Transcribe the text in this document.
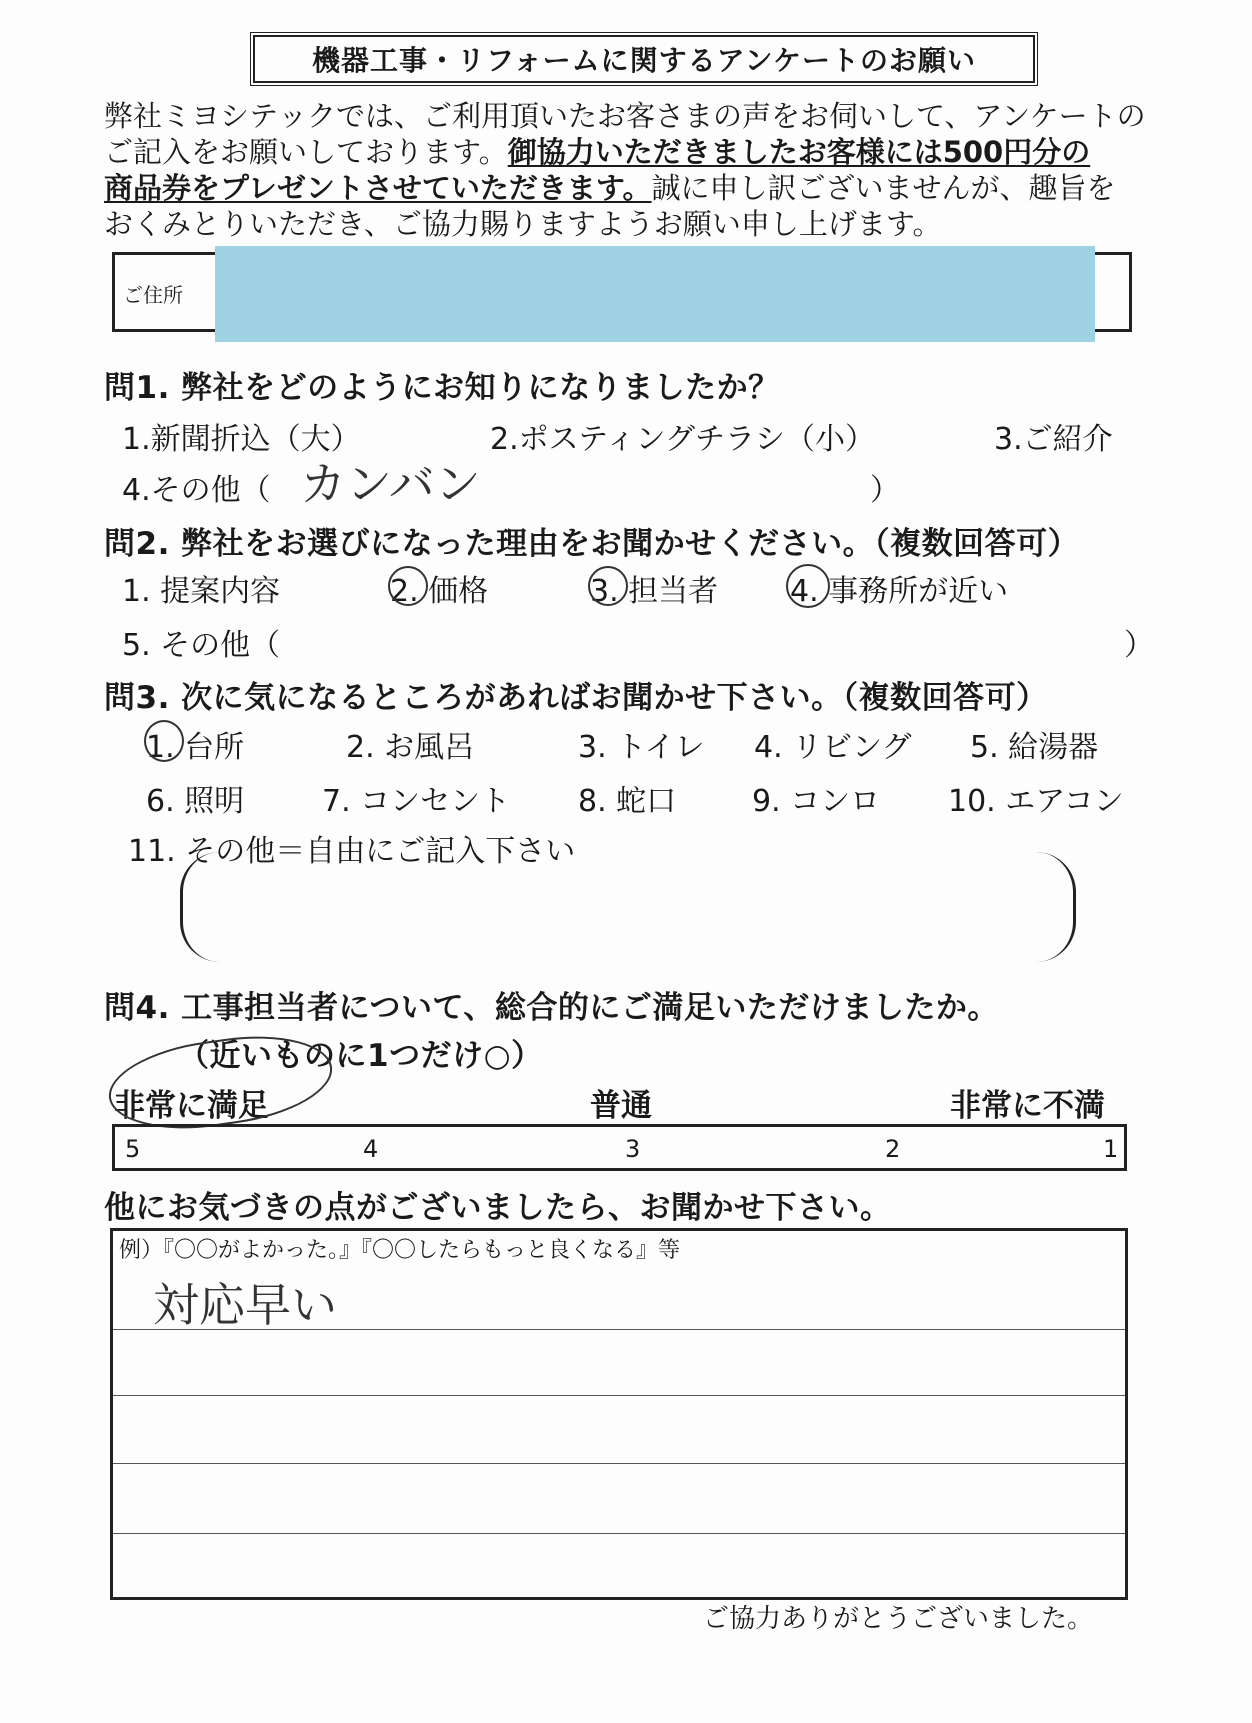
機器工事・リフォームに関するアンケートのお願い
弊社ミヨシテックでは、ご利用頂いたお客さまの声をお伺いして、アンケートの
ご記入をお願いしております。御協力いただきましたお客様には500円分の
商品券をプレゼントさせていただきます。誠に申し訳ございませんが、趣旨を
おくみとりいただき、ご協力賜りますようお願い申し上げます。
ご住所
問1. 弊社をどのようにお知りになりましたか？
1.新聞折込（大）	2.ポスティングチラシ（小）	3.ご紹介
4.その他（ カンバン	）
問2. 弊社をお選びになった理由をお聞かせください。（複数回答可）
1. 提案内容	2. 価格	3. 担当者 4. 事務所が近い
5. その他（	）
問3. 次に気になるところがあればお聞かせ下さい。（複数回答可）
1. 台所	2. お風呂	3. トイレ 4. リビング 5. 給湯器
6. 照明	7. コンセント 8. 蛇口	9. コンロ 10. エアコン
11. その他＝自由にご記入下さい
問4. 工事担当者について、総合的にご満足いただけましたか。
（近いものに1つだけ○）
非常に満足	普通	非常に不満
5	4	3	2	1
他にお気づきの点がございましたら、お聞かせ下さい。
例）『〇〇がよかった。』『〇〇したらもっと良くなる』等
対応早い
ご協力ありがとうございました。
